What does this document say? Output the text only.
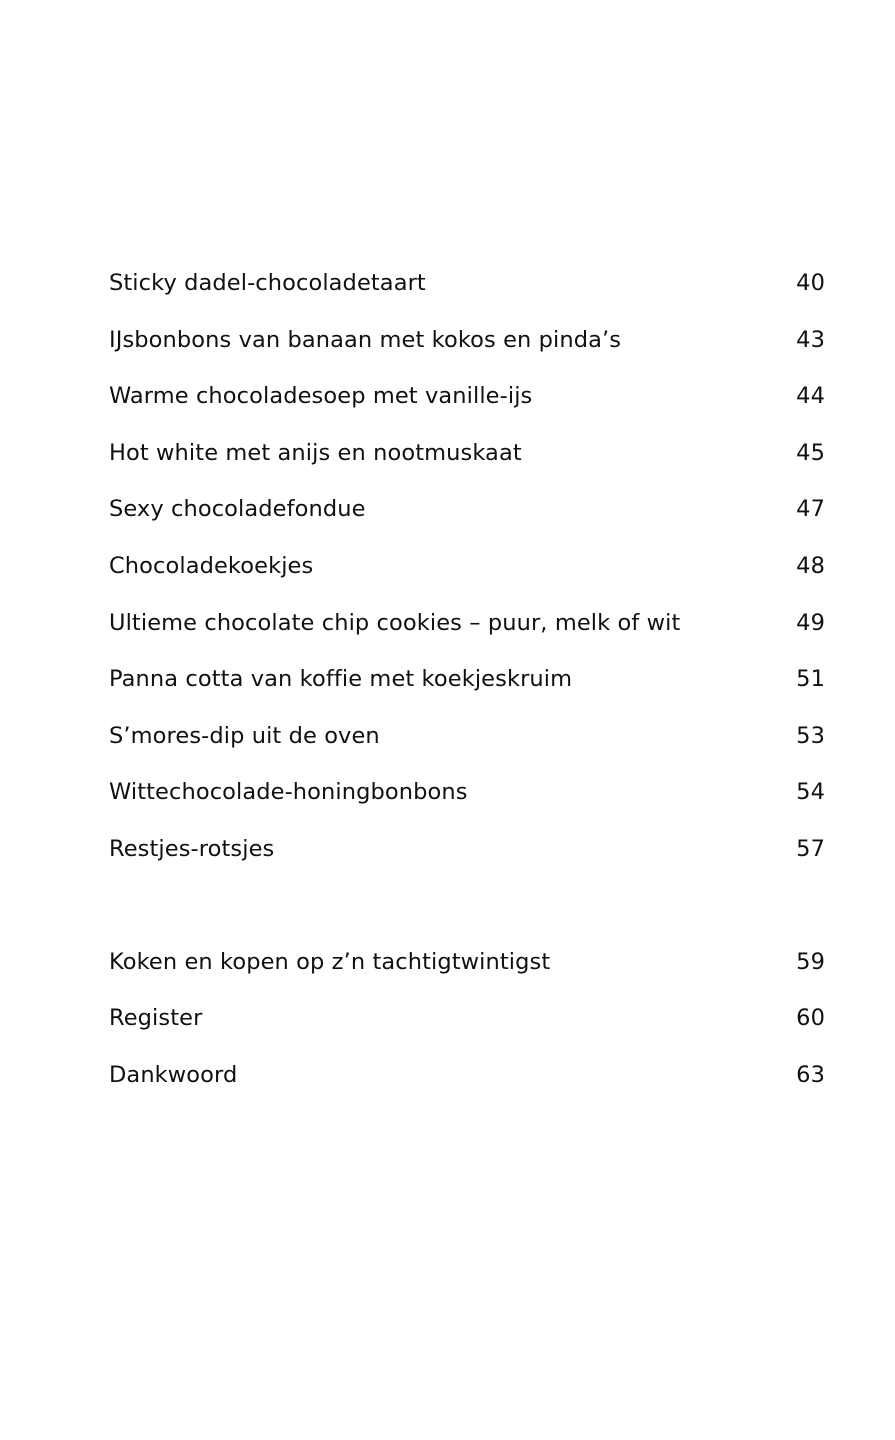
Sticky dadel-chocoladetaart	40
IJsbonbons van banaan met kokos en pinda’s	43
Warme chocoladesoep met vanille-ijs	44
Hot white met anijs en nootmuskaat	45
Sexy chocoladefondue	47
Chocoladekoekjes	48
Ultieme chocolate chip cookies – puur, melk of wit	49
Panna cotta van koffie met koekjeskruim	51
S’mores-dip uit de oven	53
Wittechocolade-honingbonbons	54
Restjes-rotsjes	57
Koken en kopen op z’n tachtigtwintigst	59
Register	60
Dankwoord	63
